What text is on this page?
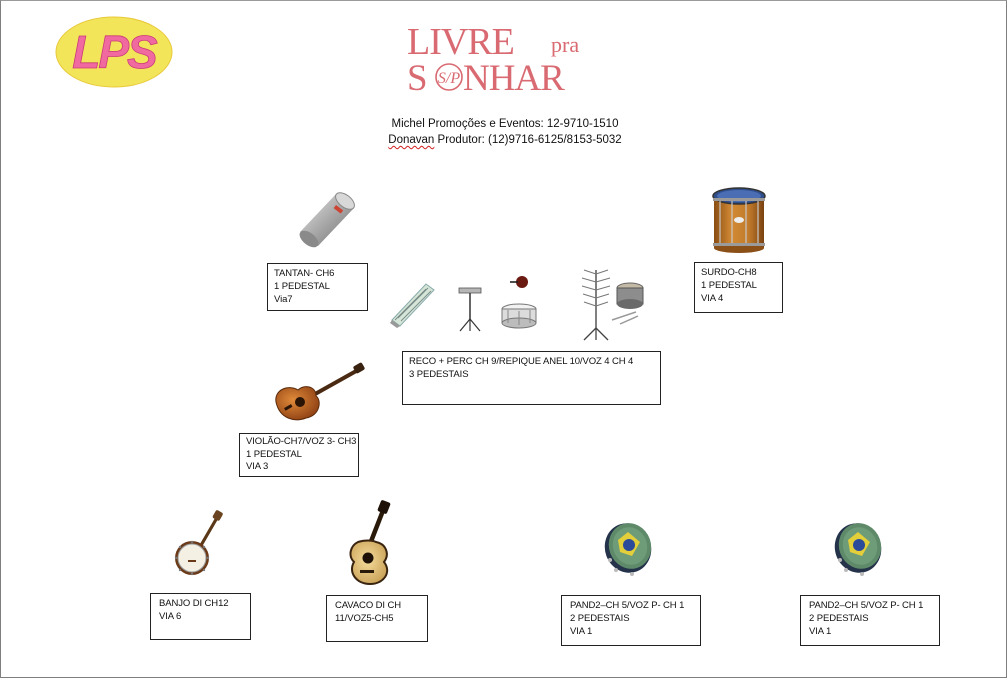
LPS	LIVRE pra
S S/P NHAR
Michel Promoções e Eventos: 12-9710-1510
Donavan Produtor: (12)9716-6125/8153-5032
TANTAN- CH6
1 PEDESTAL
Via7
SURDO-CH8
1 PEDESTAL
VIA 4
RECO + PERC CH 9/REPIQUE ANEL 10/VOZ 4 CH 4
3 PEDESTAIS
VIOLÃO-CH7/VOZ 3- CH3
1 PEDESTAL
VIA 3
BANJO DI CH12
VIA 6
CAVACO DI CH
11/VOZ5-CH5
PAND2–CH 5/VOZ P- CH 1
2 PEDESTAIS
VIA 1
PAND2–CH 5/VOZ P- CH 1
2 PEDESTAIS
VIA 1
